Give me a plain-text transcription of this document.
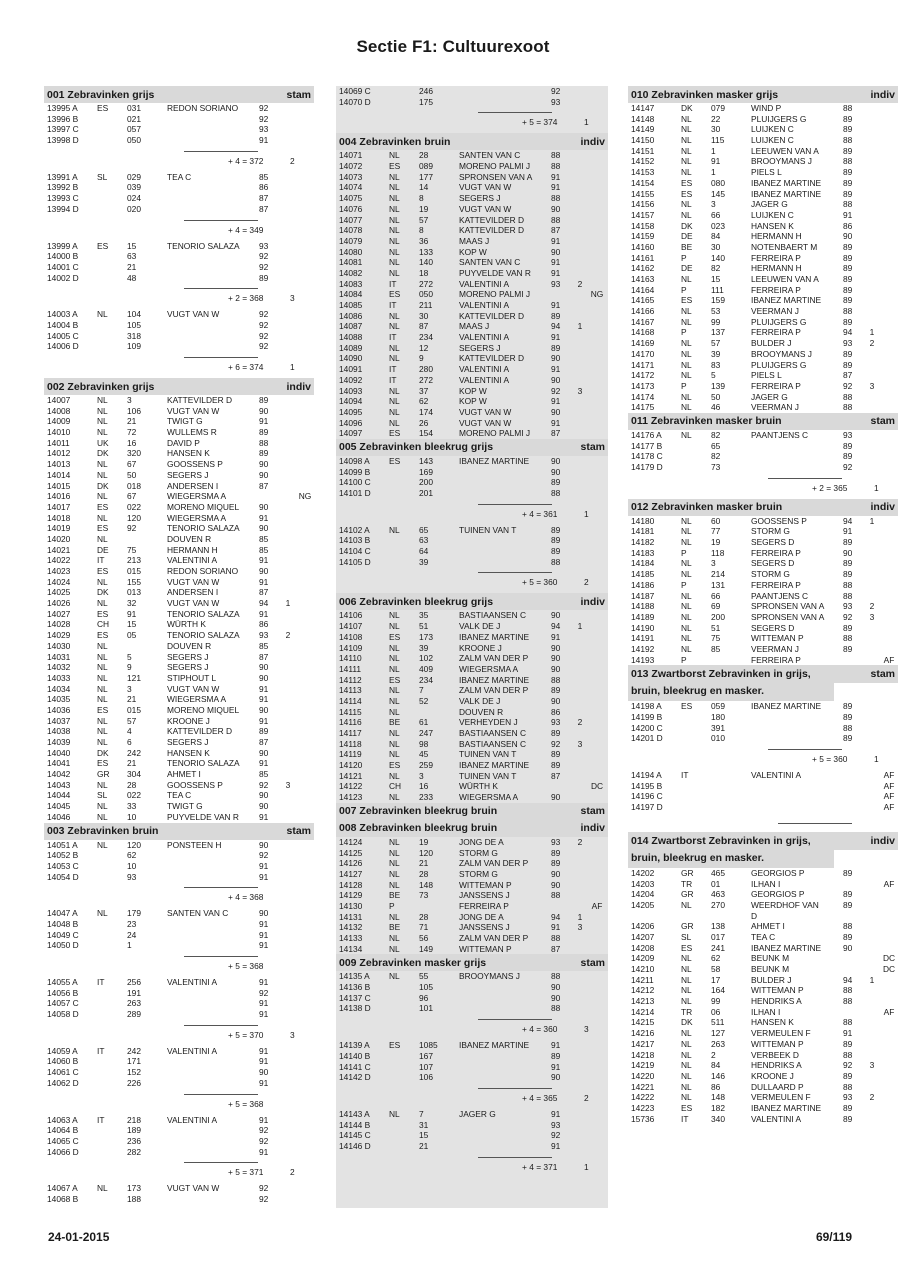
Sectie F1: Cultuurexoot
001 Zebravinken grijs	stam
13995 A	ES	031	REDON SORIANO	92
13996 B	021	92
13997 C	057	93
13998 D	050	91
+ 4 = 372	2
13991 A	SL	029	TEA C	85
13992 B	039	86
13993 C	024	87
13994 D	020	87
+ 4 = 349
13999 A	ES	15	TENORIO SALAZA	93
14000 B	63	92
14001 C	21	92
14002 D	48	89
+ 2 = 368	3
14003 A	NL	104	VUGT VAN W	92
14004 B	105	92
14005 C	318	92
14006 D	109	92
+ 6 = 374	1
002 Zebravinken grijs	indiv
14007	NL	3	KATTEVILDER D	89
14008	NL	106	VUGT VAN W	90
14009	NL	21	TWIGT G	91
14010	NL	72	WULLEMS R	89
14011	UK	16	DAVID P	88
14012	DK	320	HANSEN K	89
14013	NL	67	GOOSSENS P	90
14014	NL	50	SEGERS J	90
14015	DK	018	ANDERSEN I	87
14016	NL	67	WIEGERSMA A	NG
14017	ES	022	MORENO MIQUEL	90
14018	NL	120	WIEGERSMA A	91
14019	ES	92	TENORIO SALAZA	90
14020	NL	DOUVEN R	85
14021	DE	75	HERMANN H	85
14022	IT	213	VALENTINI A	91
14023	ES	015	REDON SORIANO	90
14024	NL	155	VUGT VAN W	91
14025	DK	013	ANDERSEN I	87
14026	NL	32	VUGT VAN W	94	1
14027	ES	91	TENORIO SALAZA	91
14028	CH	15	WÜRTH K	86
14029	ES	05	TENORIO SALAZA	93	2
14030	NL	DOUVEN R	85
14031	NL	5	SEGERS J	87
14032	NL	9	SEGERS J	90
14033	NL	121	STIPHOUT L	90
14034	NL	3	VUGT VAN W	91
14035	NL	21	WIEGERSMA A	91
14036	ES	015	MORENO MIQUEL	90
14037	NL	57	KROONE J	91
14038	NL	4	KATTEVILDER D	89
14039	NL	6	SEGERS J	87
14040	DK	242	HANSEN K	90
14041	ES	21	TENORIO SALAZA	91
14042	GR	304	AHMET I	85
14043	NL	28	GOOSSENS P	92	3
14044	SL	022	TEA C	90
14045	NL	33	TWIGT G	90
14046	NL	10	PUYVELDE VAN R	91
003 Zebravinken bruin	stam
14051 A	NL	120	PONSTEEN H	90
14052 B	62	92
14053 C	10	91
14054 D	93	91
+ 4 = 368
14047 A	NL	179	SANTEN VAN C	90
14048 B	23	91
14049 C	24	91
14050 D	1	91
+ 5 = 368
14055 A	IT	256	VALENTINI A	91
14056 B	191	92
14057 C	263	91
14058 D	289	91
+ 5 = 370	3
14059 A	IT	242	VALENTINI A	91
14060 B	171	91
14061 C	152	90
14062 D	226	91
+ 5 = 368
14063 A	IT	218	VALENTINI A	91
14064 B	189	92
14065 C	236	92
14066 D	282	91
+ 5 = 371	2
14067 A	NL	173	VUGT VAN W	92
14068 B	188	92
14069 C	246	92
14070 D	175	93
+ 5 = 374	1
004 Zebravinken bruin	indiv
14071	NL	28	SANTEN VAN C	88
14072	ES	089	MORENO PALMI J	88
14073	NL	177	SPRONSEN VAN A	91
14074	NL	14	VUGT VAN W	91
14075	NL	8	SEGERS J	88
14076	NL	19	VUGT VAN W	90
14077	NL	57	KATTEVILDER D	88
14078	NL	8	KATTEVILDER D	87
14079	NL	36	MAAS J	91
14080	NL	133	KOP W	90
14081	NL	140	SANTEN VAN C	91
14082	NL	18	PUYVELDE VAN R	91
14083	IT	272	VALENTINI A	93	2
14084	ES	050	MORENO PALMI J	NG
14085	IT	211	VALENTINI A	91
14086	NL	30	KATTEVILDER D	89
14087	NL	87	MAAS J	94	1
14088	IT	234	VALENTINI A	91
14089	NL	12	SEGERS J	89
14090	NL	9	KATTEVILDER D	90
14091	IT	280	VALENTINI A	91
14092	IT	272	VALENTINI A	90
14093	NL	37	KOP W	92	3
14094	NL	62	KOP W	91
14095	NL	174	VUGT VAN W	90
14096	NL	26	VUGT VAN W	91
14097	ES	154	MORENO PALMI J	87
005 Zebravinken bleekrug grijs	stam
14098 A	ES	143	IBANEZ MARTINE	90
14099 B	169	90
14100 C	200	89
14101 D	201	88
+ 4 = 361	1
14102 A	NL	65	TUINEN VAN T	89
14103 B	63	89
14104 C	64	89
14105 D	39	88
+ 5 = 360	2
006 Zebravinken bleekrug grijs	indiv
14106	NL	35	BASTIAANSEN C	90
14107	NL	51	VALK DE J	94	1
14108	ES	173	IBANEZ MARTINE	91
14109	NL	39	KROONE J	90
14110	NL	102	ZALM VAN DER P	90
14111	NL	409	WIEGERSMA A	90
14112	ES	234	IBANEZ MARTINE	88
14113	NL	7	ZALM VAN DER P	89
14114	NL	52	VALK DE J	90
14115	NL	DOUVEN R	86
14116	BE	61	VERHEYDEN J	93	2
14117	NL	247	BASTIAANSEN C	89
14118	NL	98	BASTIAANSEN C	92	3
14119	NL	45	TUINEN VAN T	89
14120	ES	259	IBANEZ MARTINE	89
14121	NL	3	TUINEN VAN T	87
14122	CH	16	WÜRTH K	DC
14123	NL	233	WIEGERSMA A	90
007 Zebravinken bleekrug bruin	stam
008 Zebravinken bleekrug bruin	indiv
14124	NL	19	JONG DE A	93	2
14125	NL	120	STORM G	89
14126	NL	21	ZALM VAN DER P	89
14127	NL	28	STORM G	90
14128	NL	148	WITTEMAN P	90
14129	BE	73	JANSSENS J	88
14130	P	FERREIRA P	AF
14131	NL	28	JONG DE A	94	1
14132	BE	71	JANSSENS J	91	3
14133	NL	56	ZALM VAN DER P	88
14134	NL	149	WITTEMAN P	87
009 Zebravinken masker grijs	stam
14135 A	NL	55	BROOYMANS J	88
14136 B	105	90
14137 C	96	90
14138 D	101	88
+ 4 = 360	3
14139 A	ES	1085	IBANEZ MARTINE	91
14140 B	167	89
14141 C	107	91
14142 D	106	90
+ 4 = 365	2
14143 A	NL	7	JAGER G	91
14144 B	31	93
14145 C	15	92
14146 D	21	91
+ 4 = 371	1
010 Zebravinken masker grijs	indiv
14147	DK	079	WIND P	88
14148	NL	22	PLUIJGERS G	89
14149	NL	30	LUIJKEN C	89
14150	NL	115	LUIJKEN C	88
14151	NL	1	LEEUWEN VAN A	89
14152	NL	91	BROOYMANS J	88
14153	NL	1	PIELS L	89
14154	ES	080	IBANEZ MARTINE	89
14155	ES	145	IBANEZ MARTINE	89
14156	NL	3	JAGER G	88
14157	NL	66	LUIJKEN C	91
14158	DK	023	HANSEN K	86
14159	DE	84	HERMANN H	90
14160	BE	30	NOTENBAERT M	89
14161	P	140	FERREIRA P	89
14162	DE	82	HERMANN H	89
14163	NL	15	LEEUWEN VAN A	89
14164	P	111	FERREIRA P	89
14165	ES	159	IBANEZ MARTINE	89
14166	NL	53	VEERMAN J	88
14167	NL	99	PLUIJGERS G	89
14168	P	137	FERREIRA P	94	1
14169	NL	57	BULDER J	93	2
14170	NL	39	BROOYMANS J	89
14171	NL	83	PLUIJGERS G	89
14172	NL	5	PIELS L	87
14173	P	139	FERREIRA P	92	3
14174	NL	50	JAGER G	88
14175	NL	46	VEERMAN J	88
011 Zebravinken masker bruin	stam
14176 A	NL	82	PAANTJENS C	93
14177 B	65	89
14178 C	82	89
14179 D	73	92
+ 2 = 365	1
012 Zebravinken masker bruin	indiv
14180	NL	60	GOOSSENS P	94	1
14181	NL	77	STORM G	91
14182	NL	19	SEGERS D	89
14183	P	118	FERREIRA P	90
14184	NL	3	SEGERS D	89
14185	NL	214	STORM G	89
14186	P	131	FERREIRA P	88
14187	NL	66	PAANTJENS C	88
14188	NL	69	SPRONSEN VAN A	93	2
14189	NL	200	SPRONSEN VAN A	92	3
14190	NL	51	SEGERS D	89
14191	NL	75	WITTEMAN P	88
14192	NL	85	VEERMAN J	89
14193	P	FERREIRA P	AF
013 Zwartborst Zebravinken in grijs,	stam
bruin, bleekrug en masker.
14198 A	ES	059	IBANEZ MARTINE	89
14199 B	180	89
14200 C	391	88
14201 D	010	89
+ 5 = 360	1
14194 A	IT	VALENTINI A	AF
14195 B	AF
14196 C	AF
14197 D	AF
014 Zwartborst Zebravinken in grijs,	indiv
bruin, bleekrug en masker.
14202	GR	465	GEORGIOS P	89
14203	TR	01	ILHAN I	AF
14204	GR	463	GEORGIOS P	89
14205	NL	270	WEERDHOF VAN	89
D
14206	GR	138	AHMET I	88
14207	SL	017	TEA C	89
14208	ES	241	IBANEZ MARTINE	90
14209	NL	62	BEUNK M	DC
14210	NL	58	BEUNK M	DC
14211	NL	17	BULDER J	94	1
14212	NL	164	WITTEMAN P	88
14213	NL	99	HENDRIKS A	88
14214	TR	06	ILHAN I	AF
14215	DK	511	HANSEN K	88
14216	NL	127	VERMEULEN F	91
14217	NL	263	WITTEMAN P	89
14218	NL	2	VERBEEK D	88
14219	NL	84	HENDRIKS A	92	3
14220	NL	146	KROONE J	89
14221	NL	86	DULLAARD P	88
14222	NL	148	VERMEULEN F	93	2
14223	ES	182	IBANEZ MARTINE	89
15736	IT	340	VALENTINI A	89
24-01-2015	69/119
